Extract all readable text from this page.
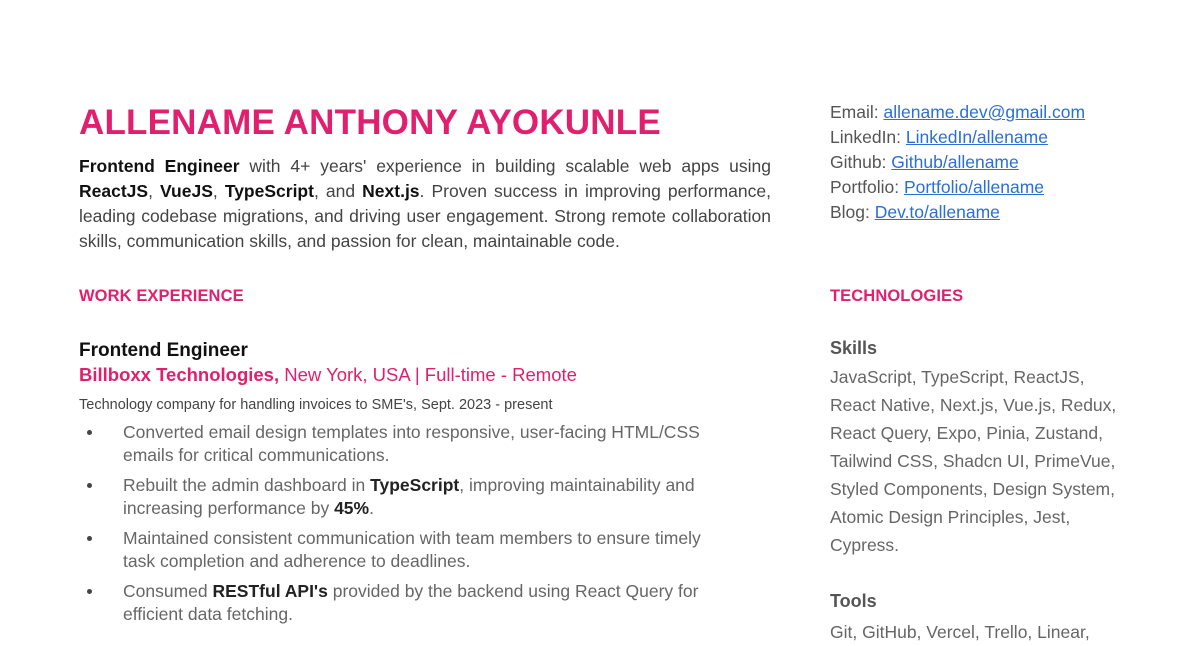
ALLENAME ANTHONY AYOKUNLE

Frontend Engineer with 4+ years' experience in building scalable web apps using ReactJS, VueJS, TypeScript, and Next.js. Proven success in improving performance, leading codebase migrations, and driving user engagement. Strong remote collaboration skills, communication skills, and passion for clean, maintainable code.

WORK EXPERIENCE
Frontend Engineer
Billboxx Technologies, New York, USA | Full-time - Remote
Technology company for handling invoices to SME's, Sept. 2023 - present
Converted email design templates into responsive, user-facing HTML/CSS emails for critical communications.
Rebuilt the admin dashboard in TypeScript, improving maintainability and increasing performance by 45%.
Maintained consistent communication with team members to ensure timely task completion and adherence to deadlines.
Consumed RESTful API's provided by the backend using React Query for efficient data fetching.
Email: allename.dev@gmail.com
LinkedIn: LinkedIn/allename
Github: Github/allename
Portfolio: Portfolio/allename
Blog: Dev.to/allename
TECHNOLOGIES
Skills

JavaScript, TypeScript, ReactJS, React Native, Next.js, Vue.js, Redux, React Query, Expo, Pinia, Zustand, Tailwind CSS, Shadcn UI, PrimeVue, Styled Components, Design System, Atomic Design Principles, Jest, Cypress.

Tools

Git, GitHub, Vercel, Trello, Linear,
